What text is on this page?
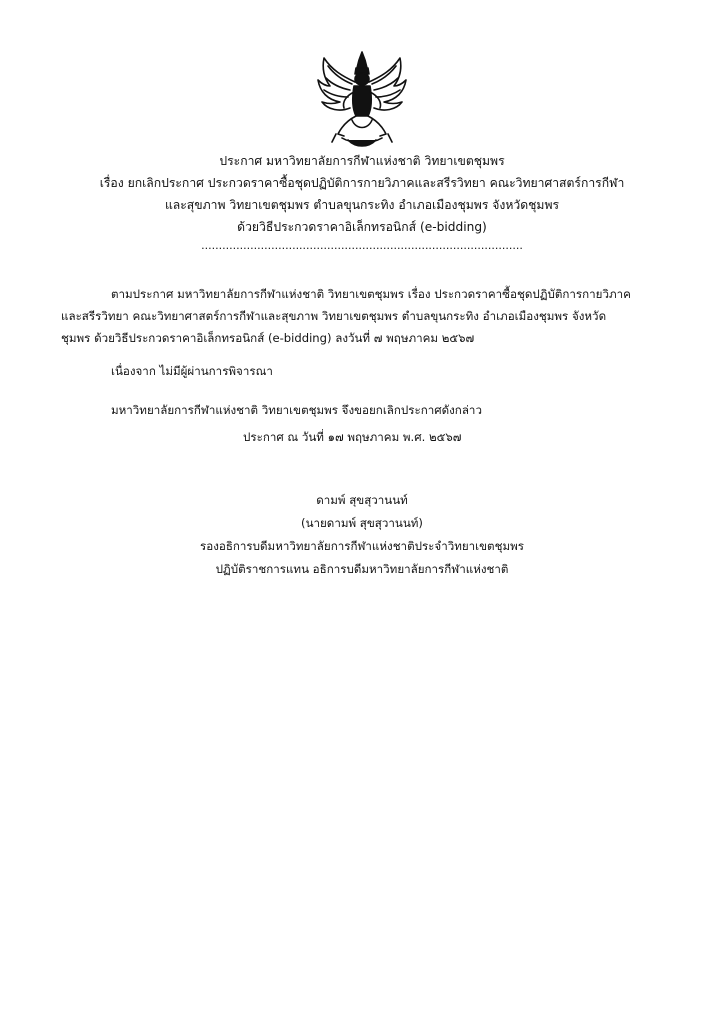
ประกาศ มหาวิทยาลัยการกีฬาแห่งชาติ วิทยาเขตชุมพร
เรื่อง ยกเลิกประกาศ ประกวดราคาซื้อชุดปฏิบัติการกายวิภาคและสรีรวิทยา คณะวิทยาศาสตร์การกีฬา
และสุขภาพ วิทยาเขตชุมพร ตำบลขุนกระทิง อำเภอเมืองชุมพร จังหวัดชุมพร
ด้วยวิธีประกวดราคาอิเล็กทรอนิกส์ (e-bidding)
............................................................................................
ตามประกาศ มหาวิทยาลัยการกีฬาแห่งชาติ วิทยาเขตชุมพร เรื่อง ประกวดราคาซื้อชุดปฏิบัติการกายวิภาค
และสรีรวิทยา คณะวิทยาศาสตร์การกีฬาและสุขภาพ วิทยาเขตชุมพร ตำบลขุนกระทิง อำเภอเมืองชุมพร จังหวัด
ชุมพร ด้วยวิธีประกวดราคาอิเล็กทรอนิกส์ (e-bidding) ลงวันที่ ๗ พฤษภาคม ๒๕๖๗
เนื่องจาก ไม่มีผู้ผ่านการพิจารณา
มหาวิทยาลัยการกีฬาแห่งชาติ วิทยาเขตชุมพร จึงขอยกเลิกประกาศดังกล่าว
ประกาศ ณ วันที่ ๑๗ พฤษภาคม พ.ศ. ๒๕๖๗
ดามพ์ สุขสุวานนท์
(นายดามพ์ สุขสุวานนท์)
รองอธิการบดีมหาวิทยาลัยการกีฬาแห่งชาติประจำวิทยาเขตชุมพร
ปฏิบัติราชการแทน อธิการบดีมหาวิทยาลัยการกีฬาแห่งชาติ
